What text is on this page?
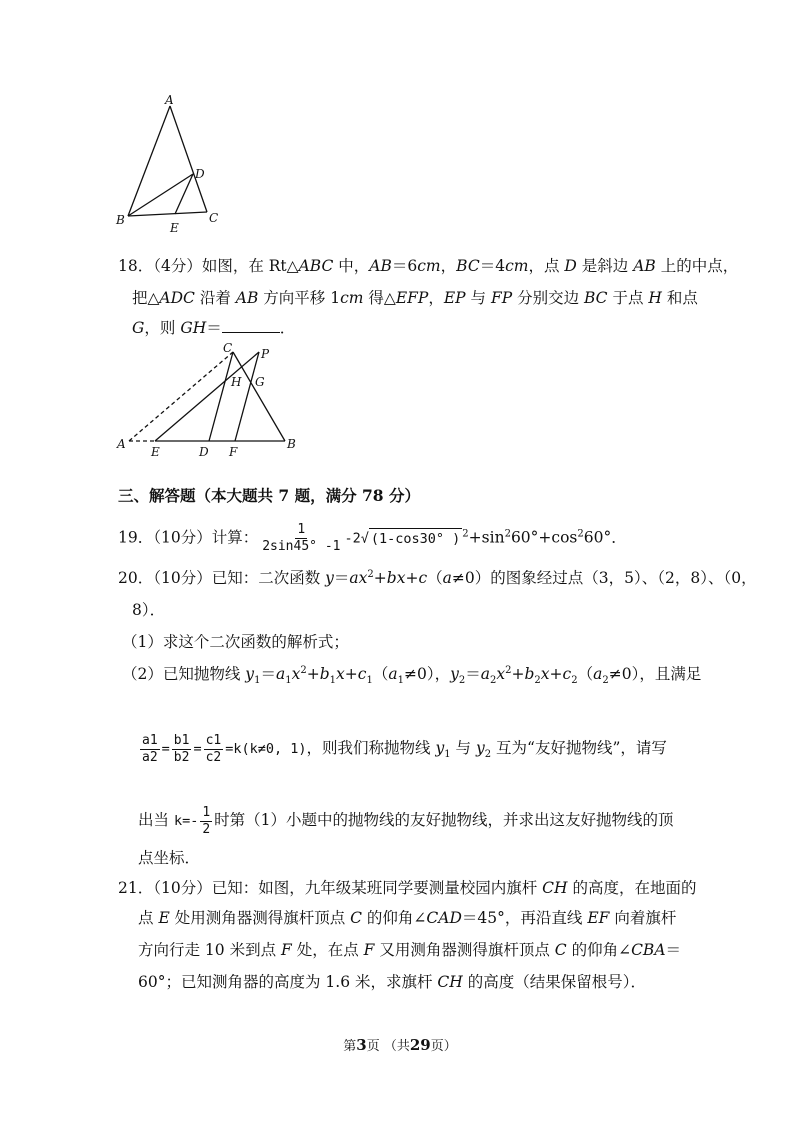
A
B	C
D
E
18．（4分）如图，在 Rt△ABC 中，AB＝6cm，BC＝4cm，点 D 是斜边 AB 上的中点，
把△ADC 沿着 AB 方向平移 1cm 得△EFP，EP 与 FP 分别交边 BC 于点 H 和点
G，则 GH＝	．
C P
H G
A
E	D F
B
三、解答题（本大题共 7 题，满分 78 分）
19．（10分）计算： $\frac{1}{2\sin 45^\circ -1} -2√$ (1-cos30° ) $^2+\sin^260^\circ+\cos^260^\circ$．
20．（10分）已知：二次函数 $y=ax^2+bx+c(a\ne 0)$的图象经过点（3，5）、（2，8）、（0，
8）．
（1）求这个二次函数的解析式；
（2）已知抛物线 $y_1=a_1x^2+b_1x+c_1(a_1\ne 0)$，$y_2=a_2x^2+b_2x+c_2(a_2\ne 0)$，且满足
$\frac{a1}{a2} = \frac{b1}{b2} = \frac{c1}{c2} =k(k\ne 0$, 1)，则我们称抛物线 $y_1$ 与 $y_2$ 互为“友好抛物线”，请写
出当 $k=- \frac{1}{2}$ 时第（1）小题中的抛物线的友好抛物线，并求出这友好抛物线的顶
点坐标．
21．（10分）已知：如图，九年级某班同学要测量校园内旗杆 CH 的高度，在地面的
点 E 处用测角器测得旗杆顶点 C 的仰角∠CAD＝45°，再沿直线 EF 向着旗杆
方向行走 10 米到点 F 处，在点 F 又用测角器测得旗杆顶点 C 的仰角∠CBA＝
60°；已知测角器的高度为 1.6 米，求旗杆 CH 的高度（结果保留根号）．
第3页 （共29页）
